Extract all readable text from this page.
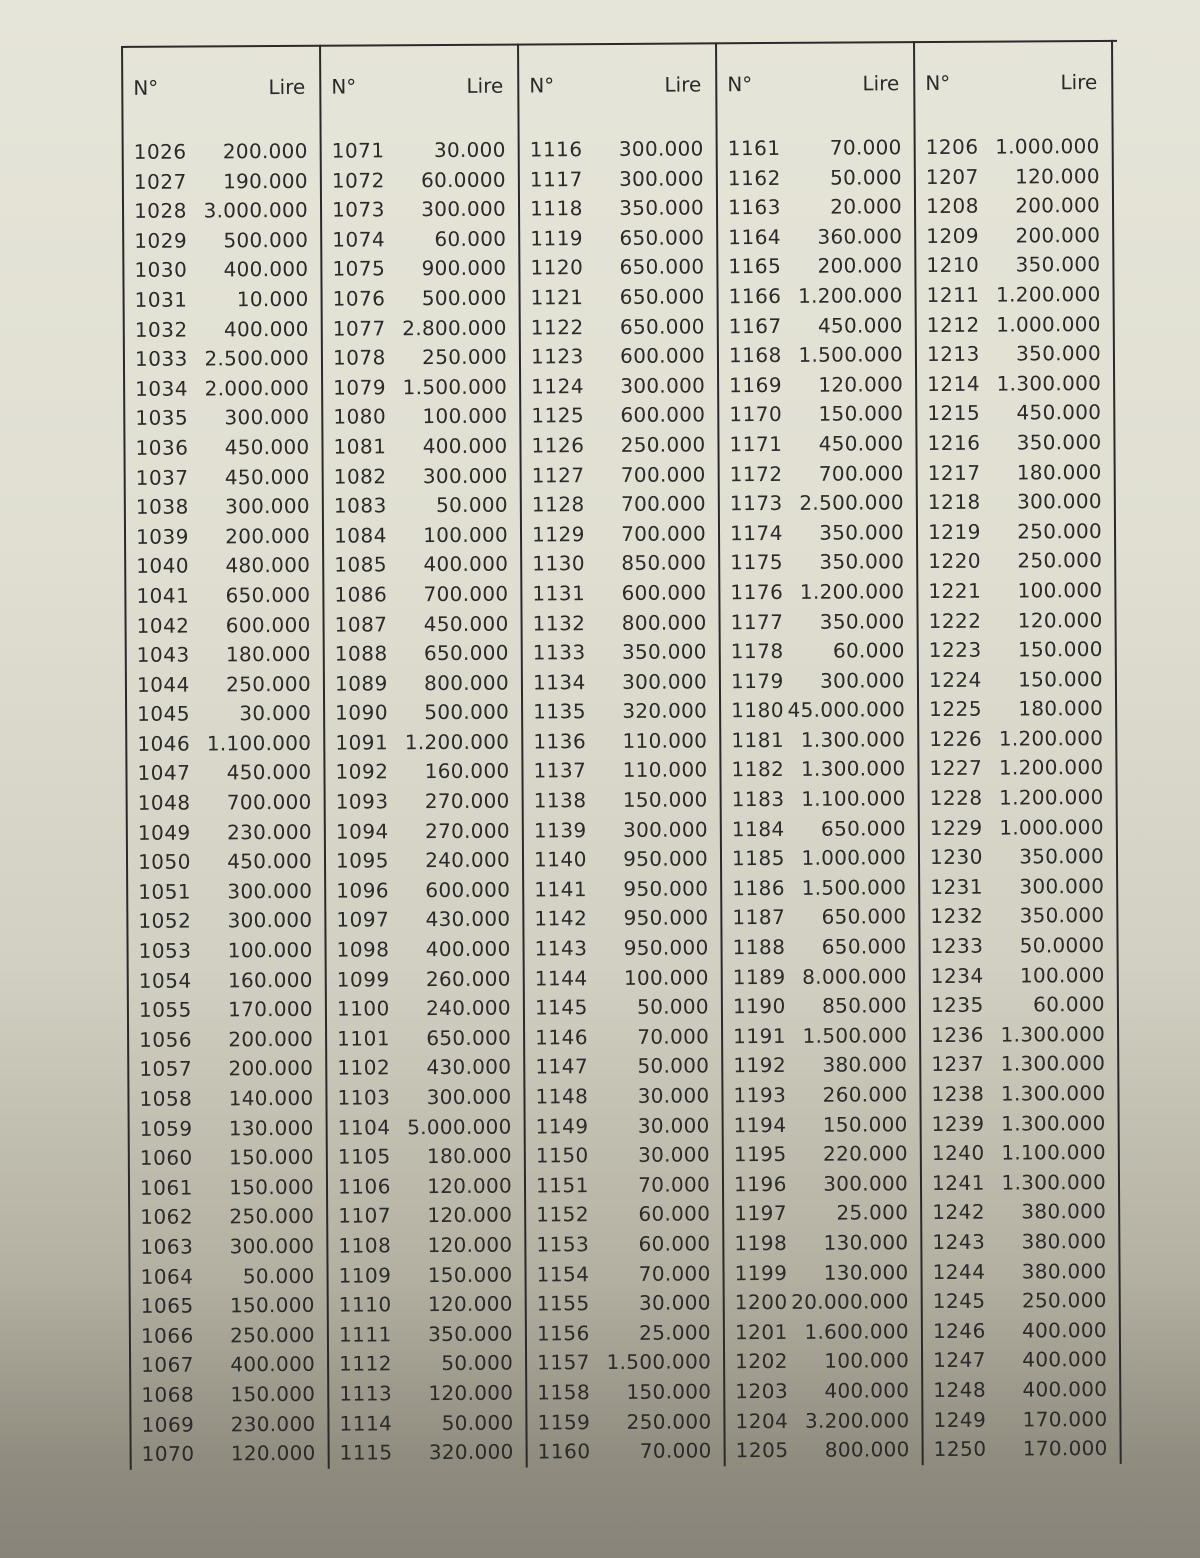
N°	Lire
1026 200.000
1027 190.000
1028 3.000.000
1029 500.000
1030 400.000
1031 10.000
1032 400.000
1033 2.500.000
1034 2.000.000
1035 300.000
1036 450.000
1037 450.000
1038 300.000
1039 200.000
1040 480.000
1041 650.000
1042 600.000
1043 180.000
1044 250.000
1045 30.000
1046 1.100.000
1047 450.000
1048 700.000
1049 230.000
1050 450.000
1051 300.000
1052 300.000
1053 100.000
1054 160.000
1055 170.000
1056 200.000
1057 200.000
1058 140.000
1059 130.000
1060 150.000
1061 150.000
1062 250.000
1063 300.000
1064 50.000
1065 150.000
1066 250.000
1067 400.000
1068 150.000
1069 230.000
1070 120.000
N°	Lire
1071 30.000
1072 60.0000
1073 300.000
1074 60.000
1075 900.000
1076 500.000
1077 2.800.000
1078 250.000
1079 1.500.000
1080 100.000
1081 400.000
1082 300.000
1083 50.000
1084 100.000
1085 400.000
1086 700.000
1087 450.000
1088 650.000
1089 800.000
1090 500.000
1091 1.200.000
1092 160.000
1093 270.000
1094 270.000
1095 240.000
1096 600.000
1097 430.000
1098 400.000
1099 260.000
1100 240.000
1101 650.000
1102 430.000
1103 300.000
1104 5.000.000
1105 180.000
1106 120.000
1107 120.000
1108 120.000
1109 150.000
1110 120.000
1111 350.000
1112 50.000
1113 120.000
1114 50.000
1115 320.000
N°	Lire
1116 300.000
1117 300.000
1118 350.000
1119 650.000
1120 650.000
1121 650.000
1122 650.000
1123 600.000
1124 300.000
1125 600.000
1126 250.000
1127 700.000
1128 700.000
1129 700.000
1130 850.000
1131 600.000
1132 800.000
1133 350.000
1134 300.000
1135 320.000
1136 110.000
1137 110.000
1138 150.000
1139 300.000
1140 950.000
1141 950.000
1142 950.000
1143 950.000
1144 100.000
1145 50.000
1146 70.000
1147 50.000
1148 30.000
1149 30.000
1150 30.000
1151 70.000
1152 60.000
1153 60.000
1154 70.000
1155 30.000
1156 25.000
1157 1.500.000
1158 150.000
1159 250.000
1160 70.000
N°	Lire
1161 70.000
1162 50.000
1163 20.000
1164 360.000
1165 200.000
1166 1.200.000
1167 450.000
1168 1.500.000
1169 120.000
1170 150.000
1171 450.000
1172 700.000
1173 2.500.000
1174 350.000
1175 350.000
1176 1.200.000
1177 350.000
1178 60.000
1179 300.000
1180 45.000.000
1181 1.300.000
1182 1.300.000
1183 1.100.000
1184 650.000
1185 1.000.000
1186 1.500.000
1187 650.000
1188 650.000
1189 8.000.000
1190 850.000
1191 1.500.000
1192 380.000
1193 260.000
1194 150.000
1195 220.000
1196 300.000
1197 25.000
1198 130.000
1199 130.000
1200 20.000.000
1201 1.600.000
1202 100.000
1203 400.000
1204 3.200.000
1205 800.000
N°	Lire
1206 1.000.000
1207 120.000
1208 200.000
1209 200.000
1210 350.000
1211 1.200.000
1212 1.000.000
1213 350.000
1214 1.300.000
1215 450.000
1216 350.000
1217 180.000
1218 300.000
1219 250.000
1220 250.000
1221 100.000
1222 120.000
1223 150.000
1224 150.000
1225 180.000
1226 1.200.000
1227 1.200.000
1228 1.200.000
1229 1.000.000
1230 350.000
1231 300.000
1232 350.000
1233 50.0000
1234 100.000
1235 60.000
1236 1.300.000
1237 1.300.000
1238 1.300.000
1239 1.300.000
1240 1.100.000
1241 1.300.000
1242 380.000
1243 380.000
1244 380.000
1245 250.000
1246 400.000
1247 400.000
1248 400.000
1249 170.000
1250 170.000
